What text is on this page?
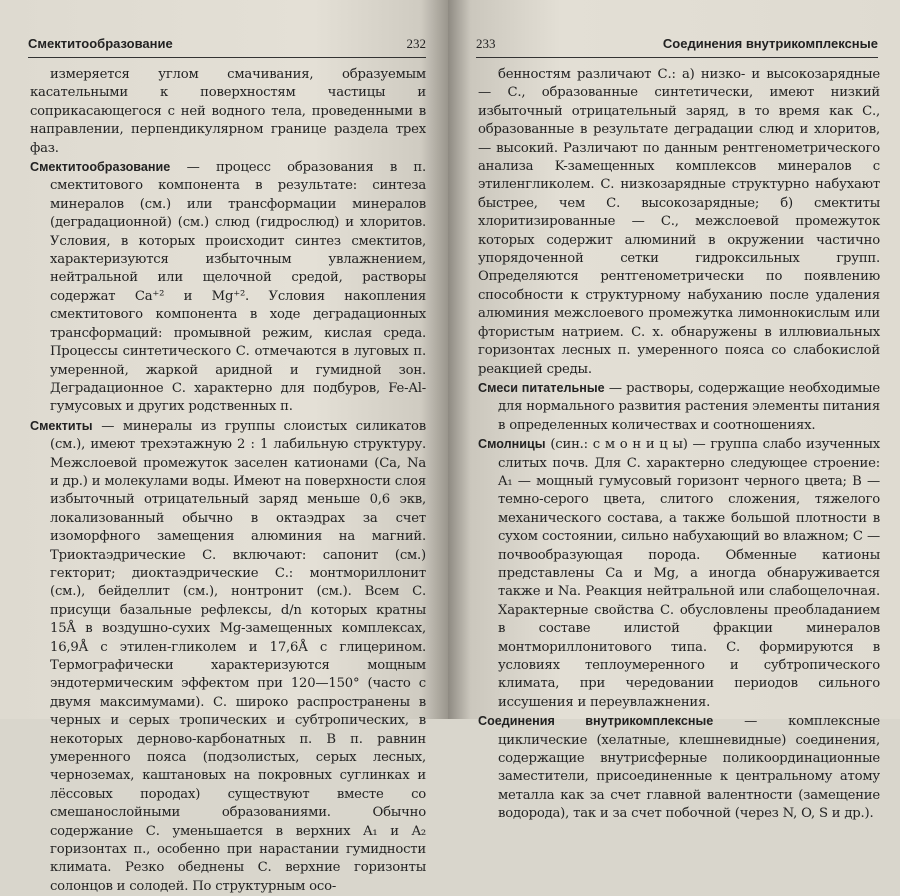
Смектитообразование	232

измеряется углом смачивания, образуемым касательными к поверхностям частицы и соприкасающегося с ней водного тела, проведенными в направлении, перпендикулярном границе раздела трех фаз.

Смектитообразование — процесс образования в п. смектитового компонента в результате: синтеза минералов (см.) или трансформации минералов (деградационной) (см.) слюд (гидрослюд) и хлоритов. Условия, в которых происходит синтез смектитов, характеризуются избыточным увлажнением, нейтральной или щелочной средой, растворы содержат Ca⁺² и Mg⁺². Условия накопления смектитового компонента в ходе деградационных трансформаций: промывной режим, кислая среда. Процессы синтетического С. отмечаются в луговых п. умеренной, жаркой аридной и гумидной зон. Деградационное С. характерно для подбуров, Fe-Al-гумусовых и других родственных п.

Смектиты — минералы из группы слоистых силикатов (см.), имеют трехэтажную 2 : 1 лабильную структуру. Межслоевой промежуток заселен катионами (Ca, Na и др.) и молекулами воды. Имеют на поверхности слоя избыточный отрицательный заряд меньше 0,6 экв, локализованный обычно в октаэдрах за счет изоморфного замещения алюминия на магний. Триоктаэдрические С. включают: сапонит (см.) гекторит; диоктаэдрические С.: монтмориллонит (см.), бейделлит (см.), нонтронит (см.). Всем С. присущи базальные рефлексы, d/n которых кратны 15Å в воздушно-сухих Mg-замещенных комплексах, 16,9Å с этилен-гликолем и 17,6Å с глицерином. Термографически характеризуются мощным эндотермическим эффектом при 120—150° (часто с двумя максимумами). С. широко распространены в черных и серых тропических и субтропических, в некоторых дерново-карбонатных п. В п. равнин умеренного пояса (подзолистых, серых лесных, черноземах, каштановых на покровных суглинках и лёссовых породах) существуют вместе со смешанослойными образованиями. Обычно содержание С. уменьшается в верхних A₁ и A₂ горизонтах п., особенно при нарастании гумидности климата. Резко обеднены С. верхние горизонты солонцов и солодей. По структурным осо-

233	Соединения внутрикомплексные

бенностям различают С.: а) низко- и высокозарядные — С., образованные синтетически, имеют низкий избыточный отрицательный заряд, в то время как С., образованные в результате деградации слюд и хлоритов, — высокий. Различают по данным рентгенометрического анализа K-замещенных комплексов минералов с этиленгликолем. С. низкозарядные структурно набухают быстрее, чем С. высокозарядные; б) смектиты хлоритизированные — С., межслоевой промежуток которых содержит алюминий в окружении частично упорядоченной сетки гидроксильных групп. Определяются рентгенометрически по появлению способности к структурному набуханию после удаления алюминия межслоевого промежутка лимоннокислым или фтористым натрием. С. х. обнаружены в иллювиальных горизонтах лесных п. умеренного пояса со слабокислой реакцией среды.

Смеси питательные — растворы, содержащие необходимые для нормального развития растения элементы питания в определенных количествах и соотношениях.

Смолницы (син.: с м о н и ц ы) — группа слабо изученных слитых почв. Для С. характерно следующее строение: A₁ — мощный гумусовый горизонт черного цвета; B — темно-серого цвета, слитого сложения, тяжелого механического состава, а также большой плотности в сухом состоянии, сильно набухающий во влажном; C — почвообразующая порода. Обменные катионы представлены Ca и Mg, а иногда обнаруживается также и Na. Реакция нейтральной или слабощелочная. Характерные свойства С. обусловлены преобладанием в составе илистой фракции минералов монтмориллонитового типа. С. формируются в условиях теплоумеренного и субтропического климата, при чередовании периодов сильного иссушения и переувлажнения.

Соединения внутрикомплексные — комплексные циклические (хелатные, клешневидные) соединения, содержащие внутрисферные поликоординационные заместители, присоединенные к центральному атому металла как за счет главной валентности (замещение водорода), так и за счет побочной (через N, O, S и др.).
